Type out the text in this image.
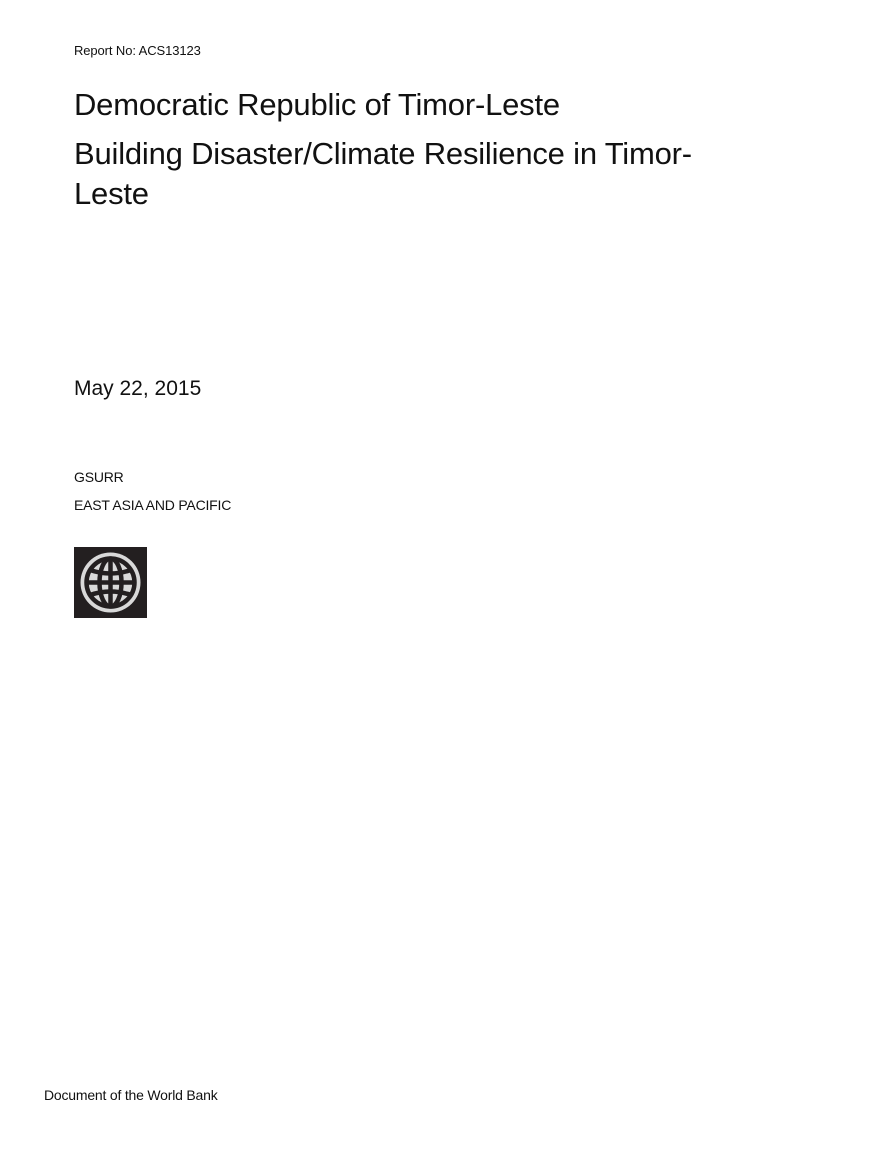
Report No: ACS13123
Democratic Republic of Timor-Leste
Building Disaster/Climate Resilience in Timor-Leste
May 22, 2015
GSURR
EAST ASIA AND PACIFIC
Document of the World Bank
